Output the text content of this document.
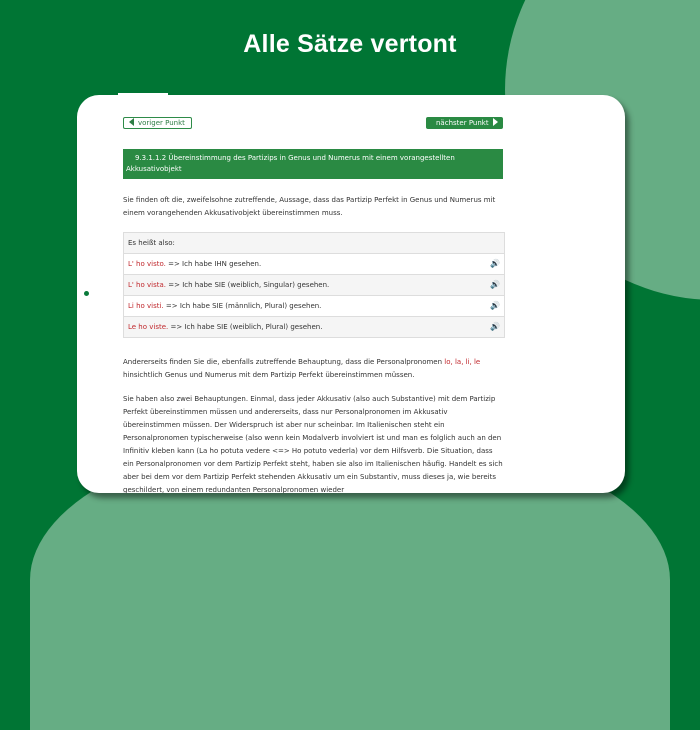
Alle Sätze vertont
voriger Punkt	nächster Punkt
9.3.1.1.2 Übereinstimmung des Partizips in Genus und Numerus mit einem vorangestellten Akkusativobjekt

Sie finden oft die, zweifelsohne zutreffende, Aussage, dass das Partizip Perfekt in Genus und Numerus mit einem vorangehenden Akkusativobjekt übereinstimmen muss.

Es heißt also:
L' ho visto. => Ich habe IHN gesehen.	🔊
L' ho vista. => Ich habe SIE (weiblich, Singular) gesehen.	🔊
Li ho visti. => Ich habe SIE (männlich, Plural) gesehen.	🔊
Le ho viste. => Ich habe SIE (weiblich, Plural) gesehen.	🔊

Andererseits finden Sie die, ebenfalls zutreffende Behauptung, dass die Personalpronomen lo, la, li, le hinsichtlich Genus und Numerus mit dem Partizip Perfekt übereinstimmen müssen.

Sie haben also zwei Behauptungen. Einmal, dass jeder Akkusativ (also auch Substantive) mit dem Partizip Perfekt übereinstimmen müssen und andererseits, dass nur Personalpronomen im Akkusativ übereinstimmen müssen. Der Widerspruch ist aber nur scheinbar. Im Italienischen steht ein Personalpronomen typischerweise (also wenn kein Modalverb involviert ist und man es folglich auch an den Infinitiv kleben kann (La ho potuta vedere <=> Ho potuto vederla) vor dem Hilfsverb. Die Situation, dass ein Personalpronomen vor dem Partizip Perfekt steht, haben sie also im Italienischen häufig. Handelt es sich aber bei dem vor dem Partizip Perfekt stehenden Akkusativ um ein Substantiv, muss dieses ja, wie bereits geschildert, von einem redundanten Personalpronomen wieder
